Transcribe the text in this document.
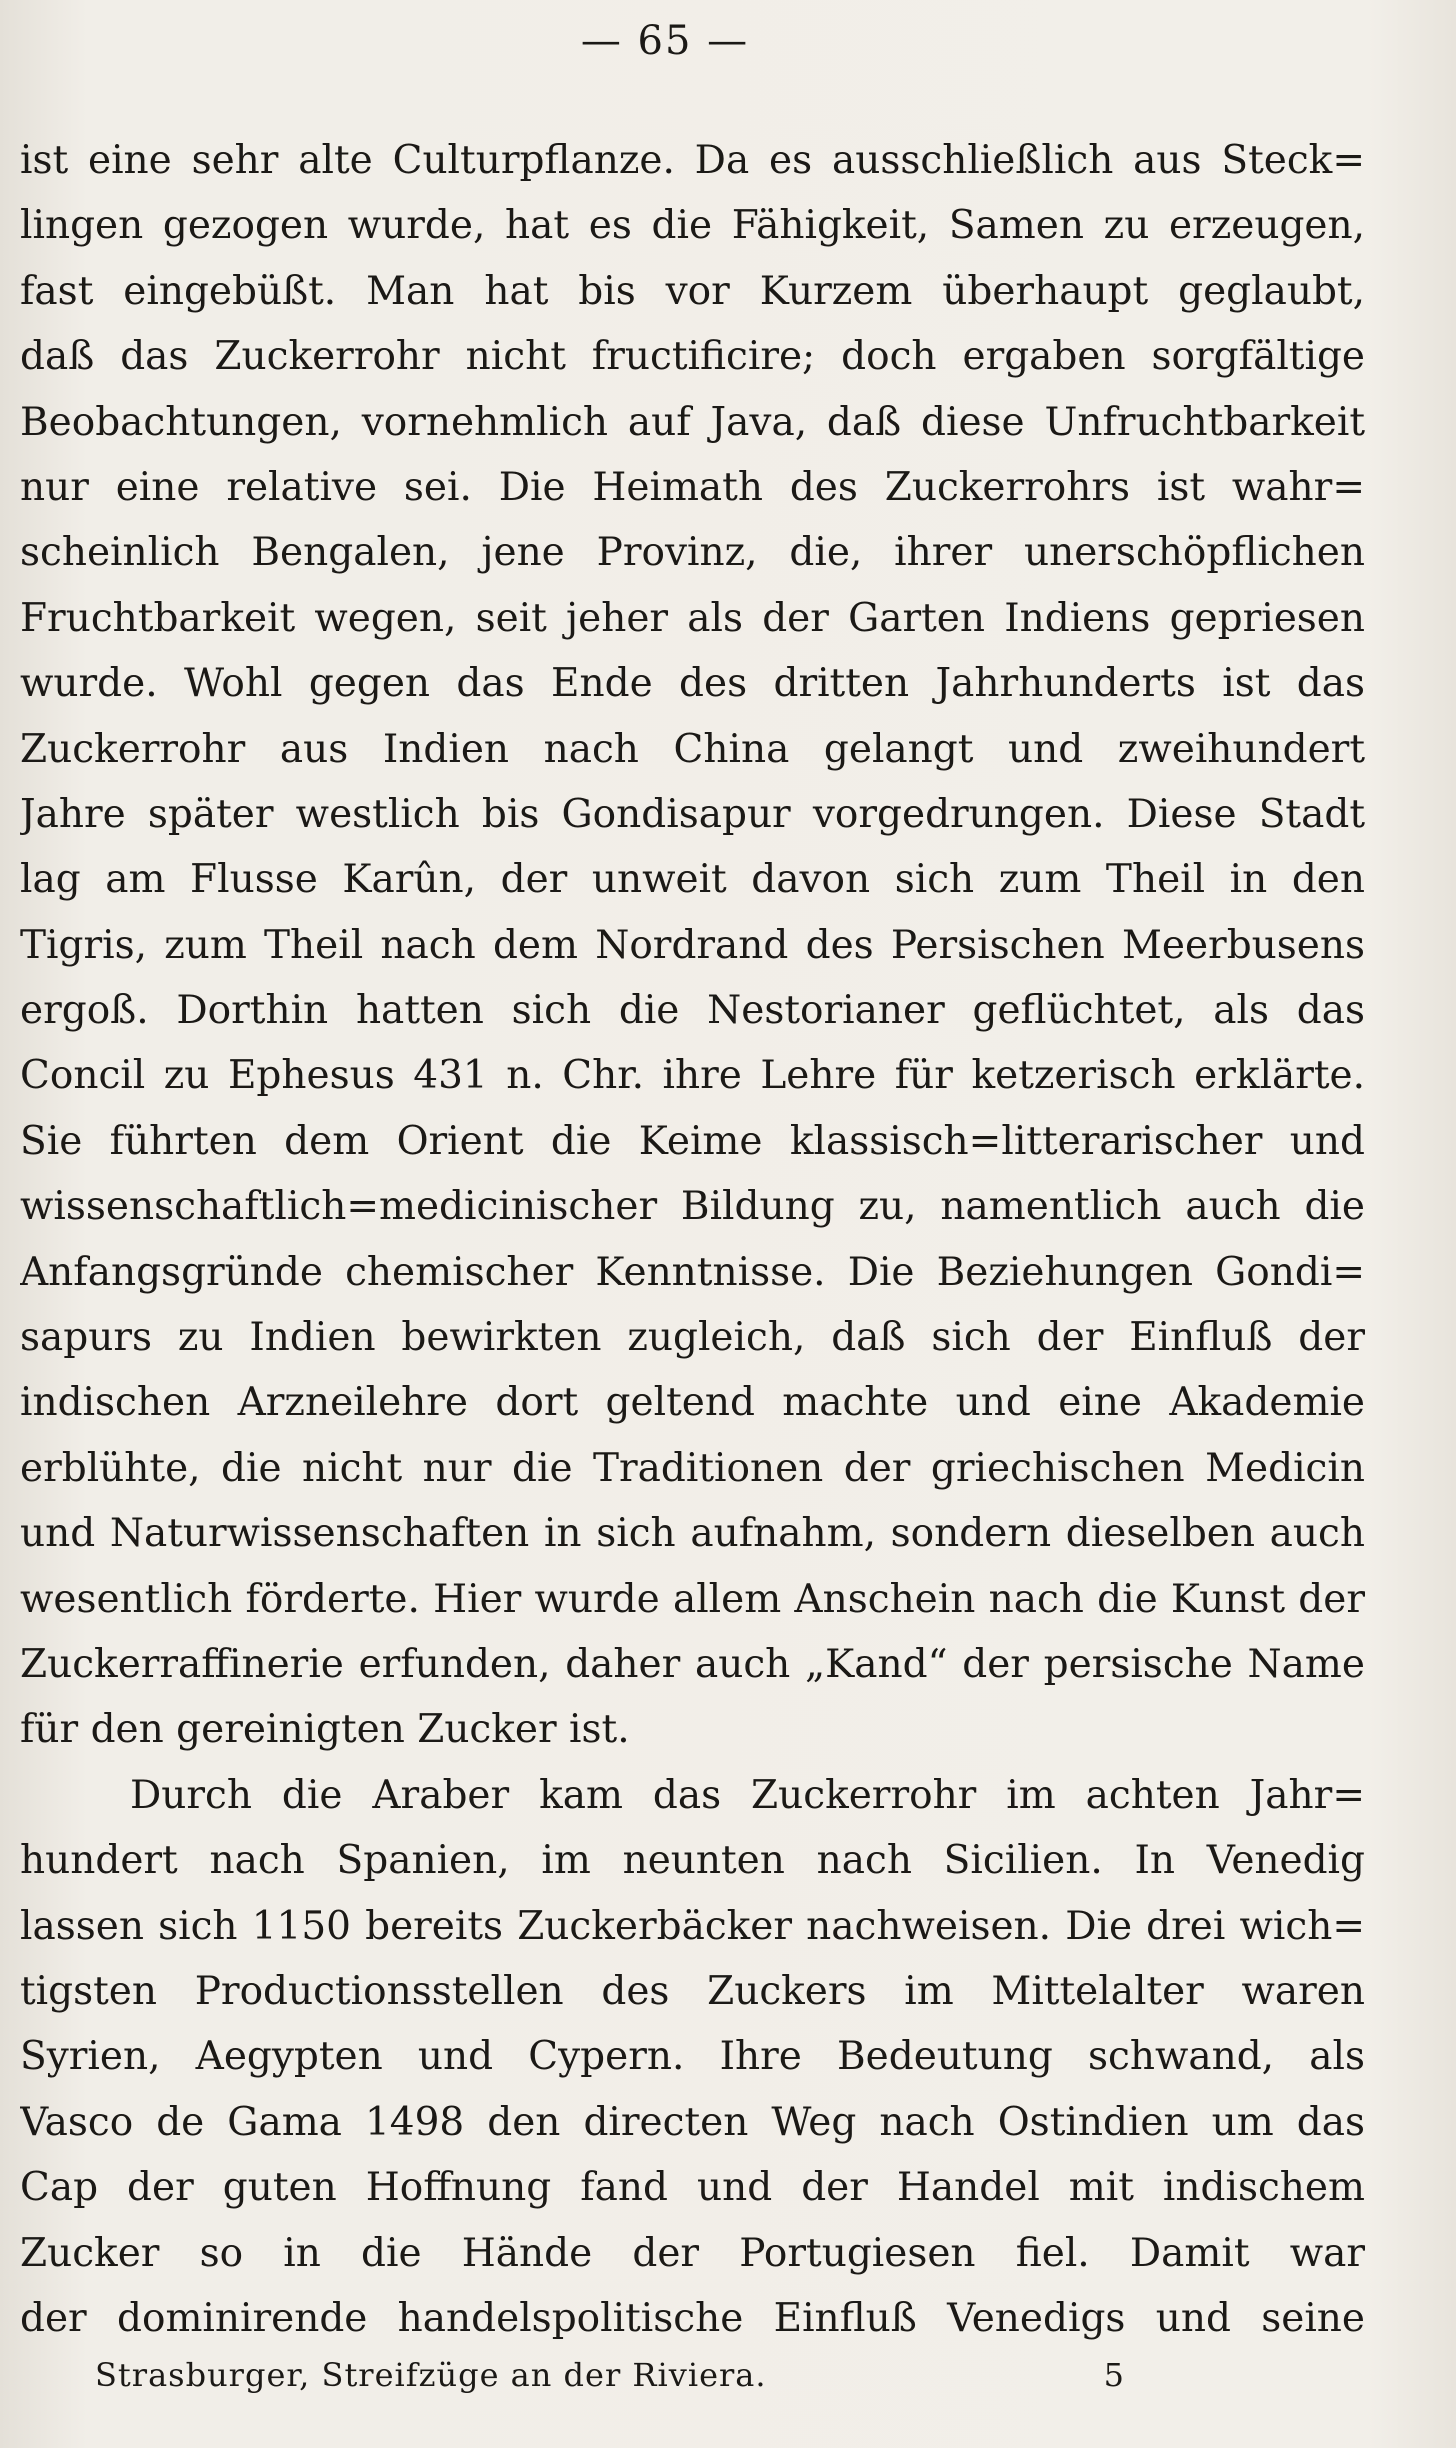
— 65 —
ist eine sehr alte Culturpflanze. Da es ausschließlich aus Steck=
lingen gezogen wurde, hat es die Fähigkeit, Samen zu erzeugen,
fast eingebüßt. Man hat bis vor Kurzem überhaupt geglaubt,
daß das Zuckerrohr nicht fructificire; doch ergaben sorgfältige
Beobachtungen, vornehmlich auf Java, daß diese Unfruchtbarkeit
nur eine relative sei. Die Heimath des Zuckerrohrs ist wahr=
scheinlich Bengalen, jene Provinz, die, ihrer unerschöpflichen
Fruchtbarkeit wegen, seit jeher als der Garten Indiens gepriesen
wurde. Wohl gegen das Ende des dritten Jahrhunderts ist das
Zuckerrohr aus Indien nach China gelangt und zweihundert
Jahre später westlich bis Gondisapur vorgedrungen. Diese Stadt
lag am Flusse Karûn, der unweit davon sich zum Theil in den
Tigris, zum Theil nach dem Nordrand des Persischen Meerbusens
ergoß. Dorthin hatten sich die Nestorianer geflüchtet, als das
Concil zu Ephesus 431 n. Chr. ihre Lehre für ketzerisch erklärte.
Sie führten dem Orient die Keime klassisch=litterarischer und
wissenschaftlich=medicinischer Bildung zu, namentlich auch die
Anfangsgründe chemischer Kenntnisse. Die Beziehungen Gondi=
sapurs zu Indien bewirkten zugleich, daß sich der Einfluß der
indischen Arzneilehre dort geltend machte und eine Akademie
erblühte, die nicht nur die Traditionen der griechischen Medicin
und Naturwissenschaften in sich aufnahm, sondern dieselben auch
wesentlich förderte. Hier wurde allem Anschein nach die Kunst der
Zuckerraffinerie erfunden, daher auch „Kand“ der persische Name
für den gereinigten Zucker ist.
Durch die Araber kam das Zuckerrohr im achten Jahr=
hundert nach Spanien, im neunten nach Sicilien. In Venedig
lassen sich 1150 bereits Zuckerbäcker nachweisen. Die drei wich=
tigsten Productionsstellen des Zuckers im Mittelalter waren
Syrien, Aegypten und Cypern. Ihre Bedeutung schwand, als
Vasco de Gama 1498 den directen Weg nach Ostindien um das
Cap der guten Hoffnung fand und der Handel mit indischem
Zucker so in die Hände der Portugiesen fiel. Damit war
der dominirende handelspolitische Einfluß Venedigs und seine
Strasburger, Streifzüge an der Riviera.	5
